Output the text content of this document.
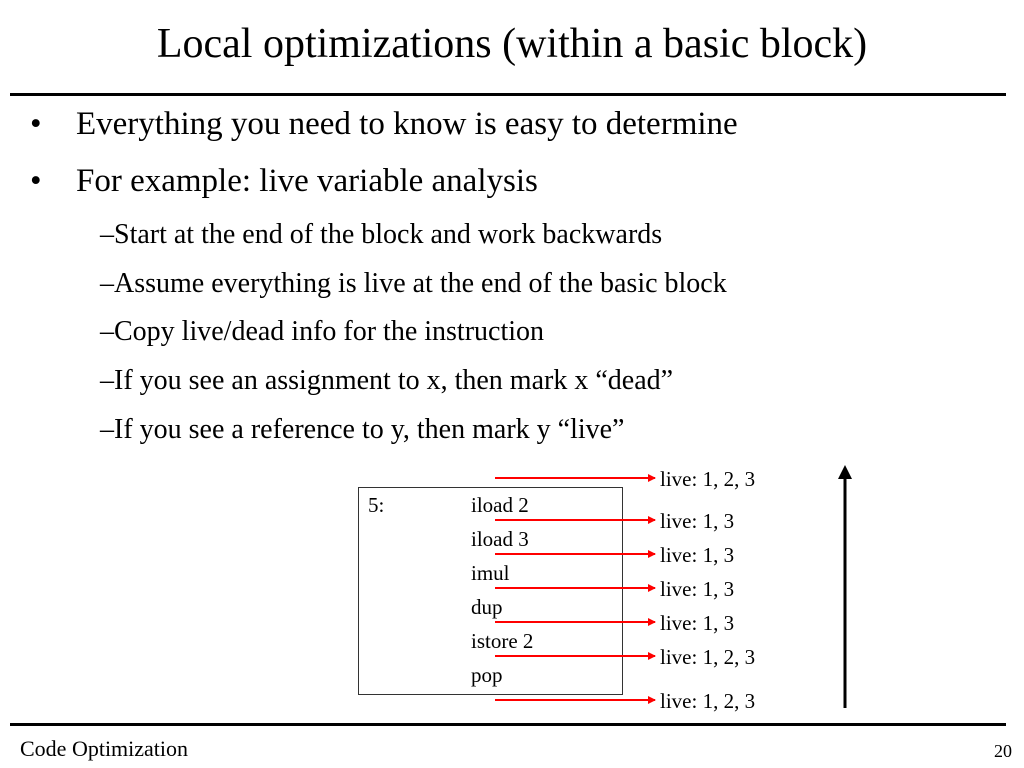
Local optimizations (within a basic block)
• Everything you need to know is easy to determine
• For example: live variable analysis
–Start at the end of the block and work backwards
–Assume everything is live at the end of the basic block
–Copy live/dead info for the instruction
–If you see an assignment to x, then mark x “dead”
–If you see a reference to y, then mark y “live”
5:	iload 2
iload 3
imul
dup
istore 2
pop
live: 1, 2, 3
live: 1, 3
live: 1, 3
live: 1, 3
live: 1, 3
live: 1, 2, 3
live: 1, 2, 3
Code Optimization	20
